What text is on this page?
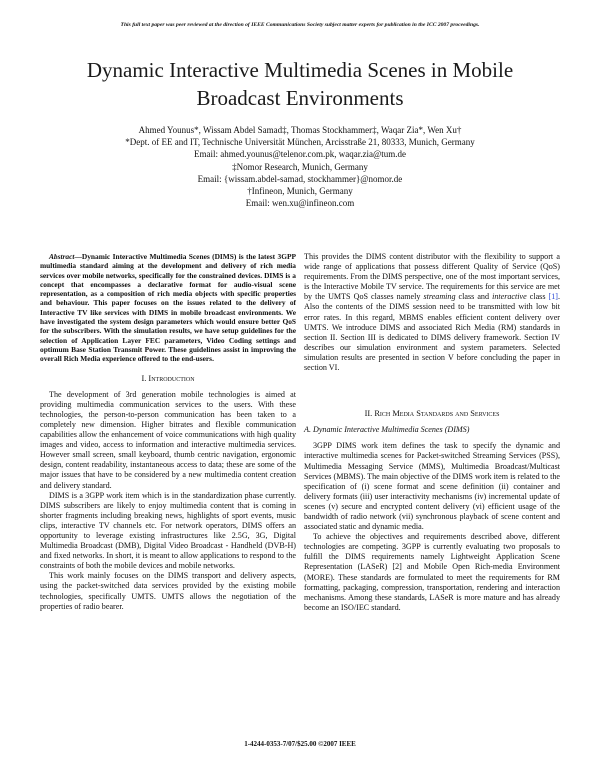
This full text paper was peer reviewed at the direction of IEEE Communications Society subject matter experts for publication in the ICC 2007 proceedings.
Dynamic Interactive Multimedia Scenes in Mobile
Broadcast Environments
Ahmed Younus*, Wissam Abdel Samad‡, Thomas Stockhammer‡, Waqar Zia*, Wen Xu†
*Dept. of EE and IT, Technische Universität München, Arcisstraße 21, 80333, Munich, Germany
Email: ahmed.younus@telenor.com.pk, waqar.zia@tum.de
‡Nomor Research, Munich, Germany
Email: {wissam.abdel-samad, stockhammer}@nomor.de
†Infineon, Munich, Germany
Email: wen.xu@infineon.com

Abstract—Dynamic Interactive Multimedia Scenes (DIMS) is the latest 3GPP multimedia standard aiming at the development and delivery of rich media services over mobile networks, specifically for the constrained devices. DIMS is a concept that encompasses a declarative format for audio-visual scene representation, as a composition of rich media objects with specific properties and behaviour. This paper focuses on the issues related to the delivery of Interactive TV like services with DIMS in mobile broadcast environments. We have investigated the system design parameters which would ensure better QoS for the subscribers. With the simulation results, we have setup guidelines for the selection of Application Layer FEC parameters, Video Coding settings and optimum Base Station Transmit Power. These guidelines assist in improving the overall Rich Media experience offered to the end-users.

I. Introduction

The development of 3rd generation mobile technologies is aimed at providing multimedia communication services to the users. With these technologies, the person-to-person communication has been taken to a completely new dimension. Higher bitrates and flexible communication capabilities allow the enhancement of voice communications with high quality images and video, access to information and interactive multimedia services. However small screen, small keyboard, thumb centric navigation, ergonomic design, content readability, instantaneous access to data; these are some of the major issues that have to be considered by a new multimedia content creation and delivery standard.

DIMS is a 3GPP work item which is in the standardization phase currently. DIMS subscribers are likely to enjoy multimedia content that is coming in shorter fragments including breaking news, highlights of sport events, music clips, interactive TV channels etc. For network operators, DIMS offers an opportunity to leverage existing infrastructures like 2.5G, 3G, Digital Multimedia Broadcast (DMB), Digital Video Broadcast - Handheld (DVB-H) and fixed networks. In short, it is meant to allow applications to respond to the constraints of both the mobile devices and mobile networks.

This work mainly focuses on the DIMS transport and delivery aspects, using the packet-switched data services provided by the existing mobile technologies, specifically UMTS. UMTS allows the negotiation of the properties of radio bearer.

This provides the DIMS content distributor with the flexibility to support a wide range of applications that possess different Quality of Service (QoS) requirements. From the DIMS perspective, one of the most important services, is the Interactive Mobile TV service. The requirements for this service are met by the UMTS QoS classes namely streaming class and interactive class [1]. Also the contents of the DIMS session need to be transmitted with low bit error rates. In this regard, MBMS enables efficient content delivery over UMTS. We introduce DIMS and associated Rich Media (RM) standards in section II. Section III is dedicated to DIMS delivery framework. Section IV describes our simulation environment and system parameters. Selected simulation results are presented in section V before concluding the paper in section VI.

II. Rich Media Standards and Services
A. Dynamic Interactive Multimedia Scenes (DIMS)

3GPP DIMS work item defines the task to specify the dynamic and interactive multimedia scenes for Packet-switched Streaming Services (PSS), Multimedia Messaging Service (MMS), Multimedia Broadcast/Multicast Services (MBMS). The main objective of the DIMS work item is related to the specification of (i) scene format and scene definition (ii) container and delivery formats (iii) user interactivity mechanisms (iv) incremental update of scenes (v) secure and encrypted content delivery (vi) efficient usage of the bandwidth of radio network (vii) synchronous playback of scene content and associated static and dynamic media.

To achieve the objectives and requirements described above, different technologies are competing. 3GPP is currently evaluating two proposals to fulfill the DIMS requirements namely Lightweight Application Scene Representation (LASeR) [2] and Mobile Open Rich-media Environment (MORE). These standards are formulated to meet the requirements for RM formatting, packaging, compression, transportation, rendering and interaction mechanisms. Among these standards, LASeR is more mature and has already become an ISO/IEC standard.

1-4244-0353-7/07/$25.00 ©2007 IEEE
